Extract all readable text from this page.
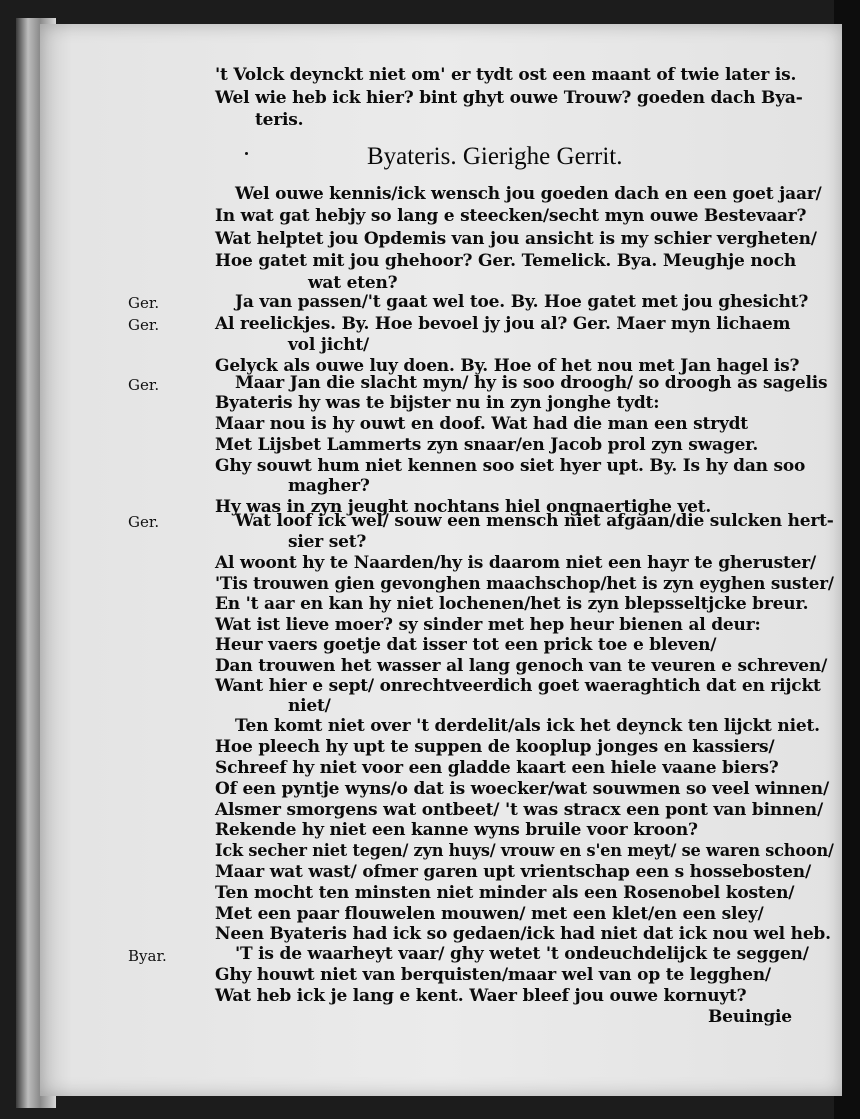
't Volck deynckt niet om' er tydt ost een maant of twie later is.
Wel wie heb ick hier? bint ghyt ouwe Trouw? goeden dach Bya-
teris.
Byateris. Gierighe Gerrit.
Wel ouwe kennis/ick wensch jou goeden dach en een goet jaar/
In wat gat hebjy so lang e steecken/secht myn ouwe Bestevaar?
Wat helptet jou Opdemis van jou ansicht is my schier vergheten/
Hoe gatet mit jou ghehoor? Ger. Temelick. Bya. Meughje noch
wat eten?
Ger.	Ja van passen/'t gaat wel toe. By. Hoe gatet met jou ghesicht?
Ger.	Al reelickjes. By. Hoe bevoel jy jou al? Ger. Maer myn lichaem
vol jicht/
Gelyck als ouwe luy doen. By. Hoe of het nou met Jan hagel is?
Ger.	Maar Jan die slacht myn/ hy is soo droogh/ so droogh as sagelis
Byateris hy was te bijster nu in zyn jonghe tydt:
Maar nou is hy ouwt en doof. Wat had die man een strydt
Met Lijsbet Lammerts zyn snaar/en Jacob prol zyn swager.
Ghy souwt hum niet kennen soo siet hyer upt. By. Is hy dan soo
magher?
Hy was in zyn jeught nochtans hiel ongnaertighe vet.
Ger.	Wat loof ick wel/ souw een mensch niet afgaan/die sulcken hert-
sier set?
Al woont hy te Naarden/hy is daarom niet een hayr te gheruster/
'Tis trouwen gien gevonghen maachschop/het is zyn eyghen suster/
En 't aar en kan hy niet lochenen/het is zyn blepsseltjcke breur.
Wat ist lieve moer? sy sinder met hep heur bienen al deur:
Heur vaers goetje dat isser tot een prick toe e bleven/
Dan trouwen het wasser al lang genoch van te veuren e schreven/
Want hier e sept/ onrechtveerdich goet waeraghtich dat en rijckt
niet/
Ten komt niet over 't derdelit/als ick het deynck ten lijckt niet.
Hoe pleech hy upt te suppen de kooplup jonges en kassiers/
Schreef hy niet voor een gladde kaart een hiele vaane biers?
Of een pyntje wyns/o dat is woecker/wat souwmen so veel winnen/
Alsmer smorgens wat ontbeet/ 't was stracx een pont van binnen/
Rekende hy niet een kanne wyns bruile voor kroon?
Ick secher niet tegen/ zyn huys/ vrouw en s'en meyt/ se waren schoon/
Maar wat wast/ ofmer garen upt vrientschap een s hossebosten/
Ten mocht ten minsten niet minder als een Rosenobel kosten/
Met een paar flouwelen mouwen/ met een klet/en een sley/
Neen Byateris had ick so gedaen/ick had niet dat ick nou wel heb.
Byar.	'T is de waarheyt vaar/ ghy wetet 't ondeuchdelijck te seggen/
Ghy houwt niet van berquisten/maar wel van op te legghen/
Wat heb ick je lang e kent. Waer bleef jou ouwe kornuyt?
Beuingie
